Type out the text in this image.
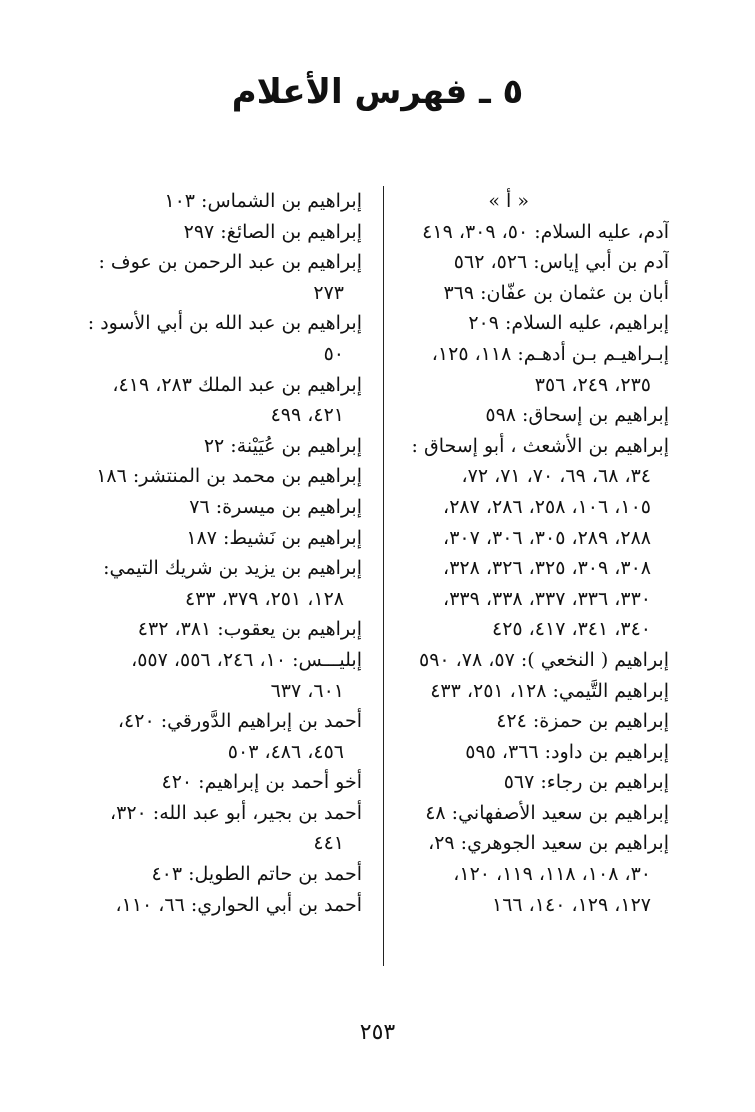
٥ ـ فهرس الأعلام
« أ »
آدم، عليه السلام: ٥٠، ٣٠٩، ٤١٩
آدم بن أبي إياس: ٥٢٦، ٥٦٢
أبان بن عثمان بن عفّان: ٣٦٩
إبراهيم، عليه السلام: ٢٠٩
إبـراهيـم بـن أدهـم: ١١٨، ١٢٥،
٢٣٥، ٢٤٩، ٣٥٦
إبراهيم بن إسحاق: ٥٩٨
إبراهيم بن الأشعث ، أبو إسحاق :
٣٤، ٦٨، ٦٩، ٧٠، ٧١، ٧٢،
١٠٥، ١٠٦، ٢٥٨، ٢٨٦، ٢٨٧،
٢٨٨، ٢٨٩، ٣٠٥، ٣٠٦، ٣٠٧،
٣٠٨، ٣٠٩، ٣٢٥، ٣٢٦، ٣٢٨،
٣٣٠، ٣٣٦، ٣٣٧، ٣٣٨، ٣٣٩،
٣٤٠، ٣٤١، ٤١٧، ٤٢٥
إبراهيم ( النخعي ): ٥٧، ٧٨، ٥٩٠
إبراهيم التَّيمي: ١٢٨، ٢٥١، ٤٣٣
إبراهيم بن حمزة: ٤٢٤
إبراهيم بن داود: ٣٦٦، ٥٩٥
إبراهيم بن رجاء: ٥٦٧
إبراهيم بن سعيد الأصفهاني: ٤٨
إبراهيم بن سعيد الجوهري: ٢٩،
٣٠، ١٠٨، ١١٨، ١١٩، ١٢٠،
١٢٧، ١٢٩، ١٤٠، ١٦٦
إبراهيم بن الشماس: ١٠٣
إبراهيم بن الصائغ: ٢٩٧
إبراهيم بن عبد الرحمن بن عوف :
٢٧٣
إبراهيم بن عبد الله بن أبي الأسود :
٥٠
إبراهيم بن عبد الملك ٢٨٣، ٤١٩،
٤٢١، ٤٩٩
إبراهيم بن عُيَيْنة: ٢٢
إبراهيم بن محمد بن المنتشر: ١٨٦
إبراهيم بن ميسرة: ٧٦
إبراهيم بن نَشيط: ١٨٧
إبراهيم بن يزيد بن شريك التيمي:
١٢٨، ٢٥١، ٣٧٩، ٤٣٣
إبراهيم بن يعقوب: ٣٨١، ٤٣٢
إبليـــس: ١٠، ٢٤٦، ٥٥٦، ٥٥٧،
٦٠١، ٦٣٧
أحمد بن إبراهيم الدَّورقي: ٤٢٠،
٤٥٦، ٤٨٦، ٥٠٣
أخو أحمد بن إبراهيم: ٤٢٠
أحمد بن بجير، أبو عبد الله: ٣٢٠،
٤٤١
أحمد بن حاتم الطويل: ٤٠٣
أحمد بن أبي الحواري: ٦٦، ١١٠،
٢٥٣
